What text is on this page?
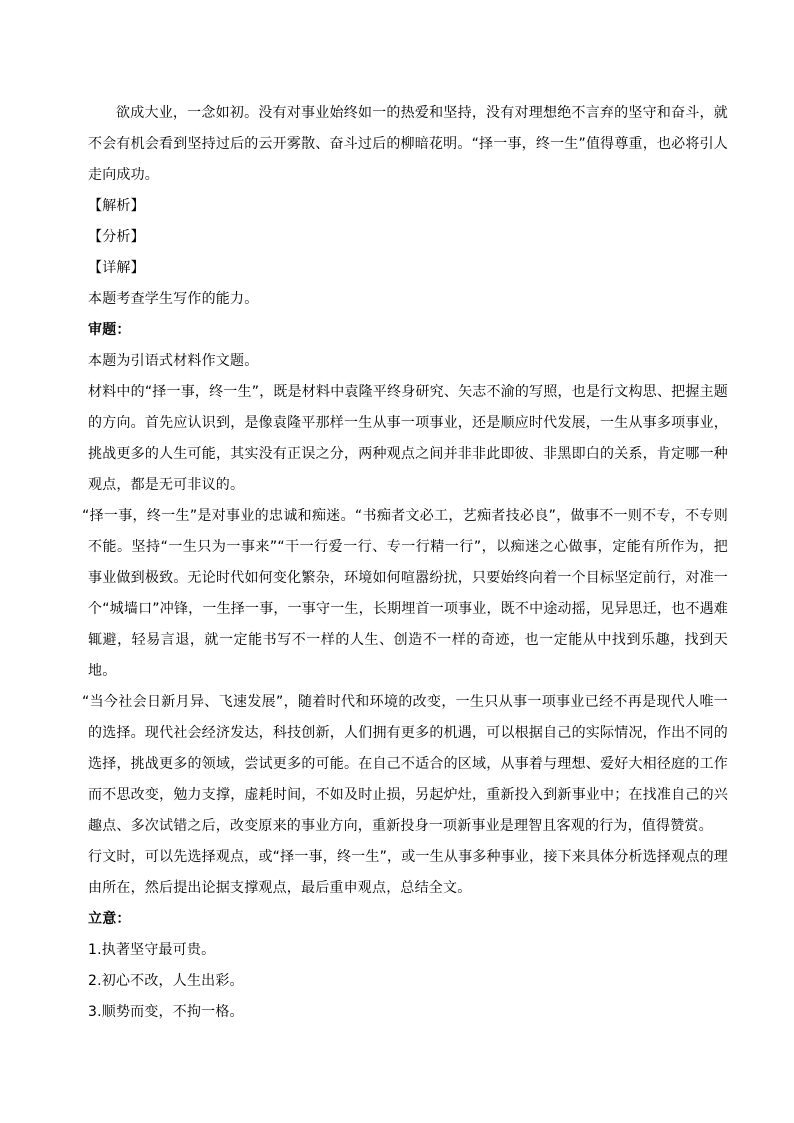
欲成大业，一念如初。没有对事业始终如一的热爱和坚持，没有对理想绝不言弃的坚守和奋斗，就不会有机会看到坚持过后的云开雾散、奋斗过后的柳暗花明。“择一事，终一生”值得尊重，也必将引人走向成功。

【解析】

【分析】

【详解】

本题考查学生写作的能力。

审题：

本题为引语式材料作文题。

材料中的“择一事，终一生”，既是材料中袁隆平终身研究、矢志不渝的写照，也是行文构思、把握主题的方向。首先应认识到，是像袁隆平那样一生从事一项事业，还是顺应时代发展，一生从事多项事业，挑战更多的人生可能，其实没有正误之分，两种观点之间并非非此即彼、非黑即白的关系，肯定哪一种观点，都是无可非议的。

“择一事，终一生”是对事业的忠诚和痴迷。“书痴者文必工，艺痴者技必良”，做事不一则不专，不专则不能。坚持“一生只为一事来”“干一行爱一行、专一行精一行”，以痴迷之心做事，定能有所作为，把事业做到极致。无论时代如何变化繁杂，环境如何喧嚣纷扰，只要始终向着一个目标坚定前行，对准一个“城墙口”冲锋，一生择一事，一事守一生，长期埋首一项事业，既不中途动摇，见异思迁，也不遇难辄避，轻易言退，就一定能书写不一样的人生、创造不一样的奇迹，也一定能从中找到乐趣，找到天地。

“当今社会日新月异、飞速发展”，随着时代和环境的改变，一生只从事一项事业已经不再是现代人唯一的选择。现代社会经济发达，科技创新，人们拥有更多的机遇，可以根据自己的实际情况，作出不同的选择，挑战更多的领域，尝试更多的可能。在自己不适合的区域，从事着与理想、爱好大相径庭的工作而不思改变，勉力支撑，虚耗时间，不如及时止损，另起炉灶，重新投入到新事业中；在找准自己的兴趣点、多次试错之后，改变原来的事业方向，重新投身一项新事业是理智且客观的行为，值得赞赏。

行文时，可以先选择观点，或“择一事，终一生”，或一生从事多种事业，接下来具体分析选择观点的理由所在，然后提出论据支撑观点，最后重申观点，总结全文。

立意：

1.执著坚守最可贵。

2.初心不改，人生出彩。

3.顺势而变，不拘一格。
